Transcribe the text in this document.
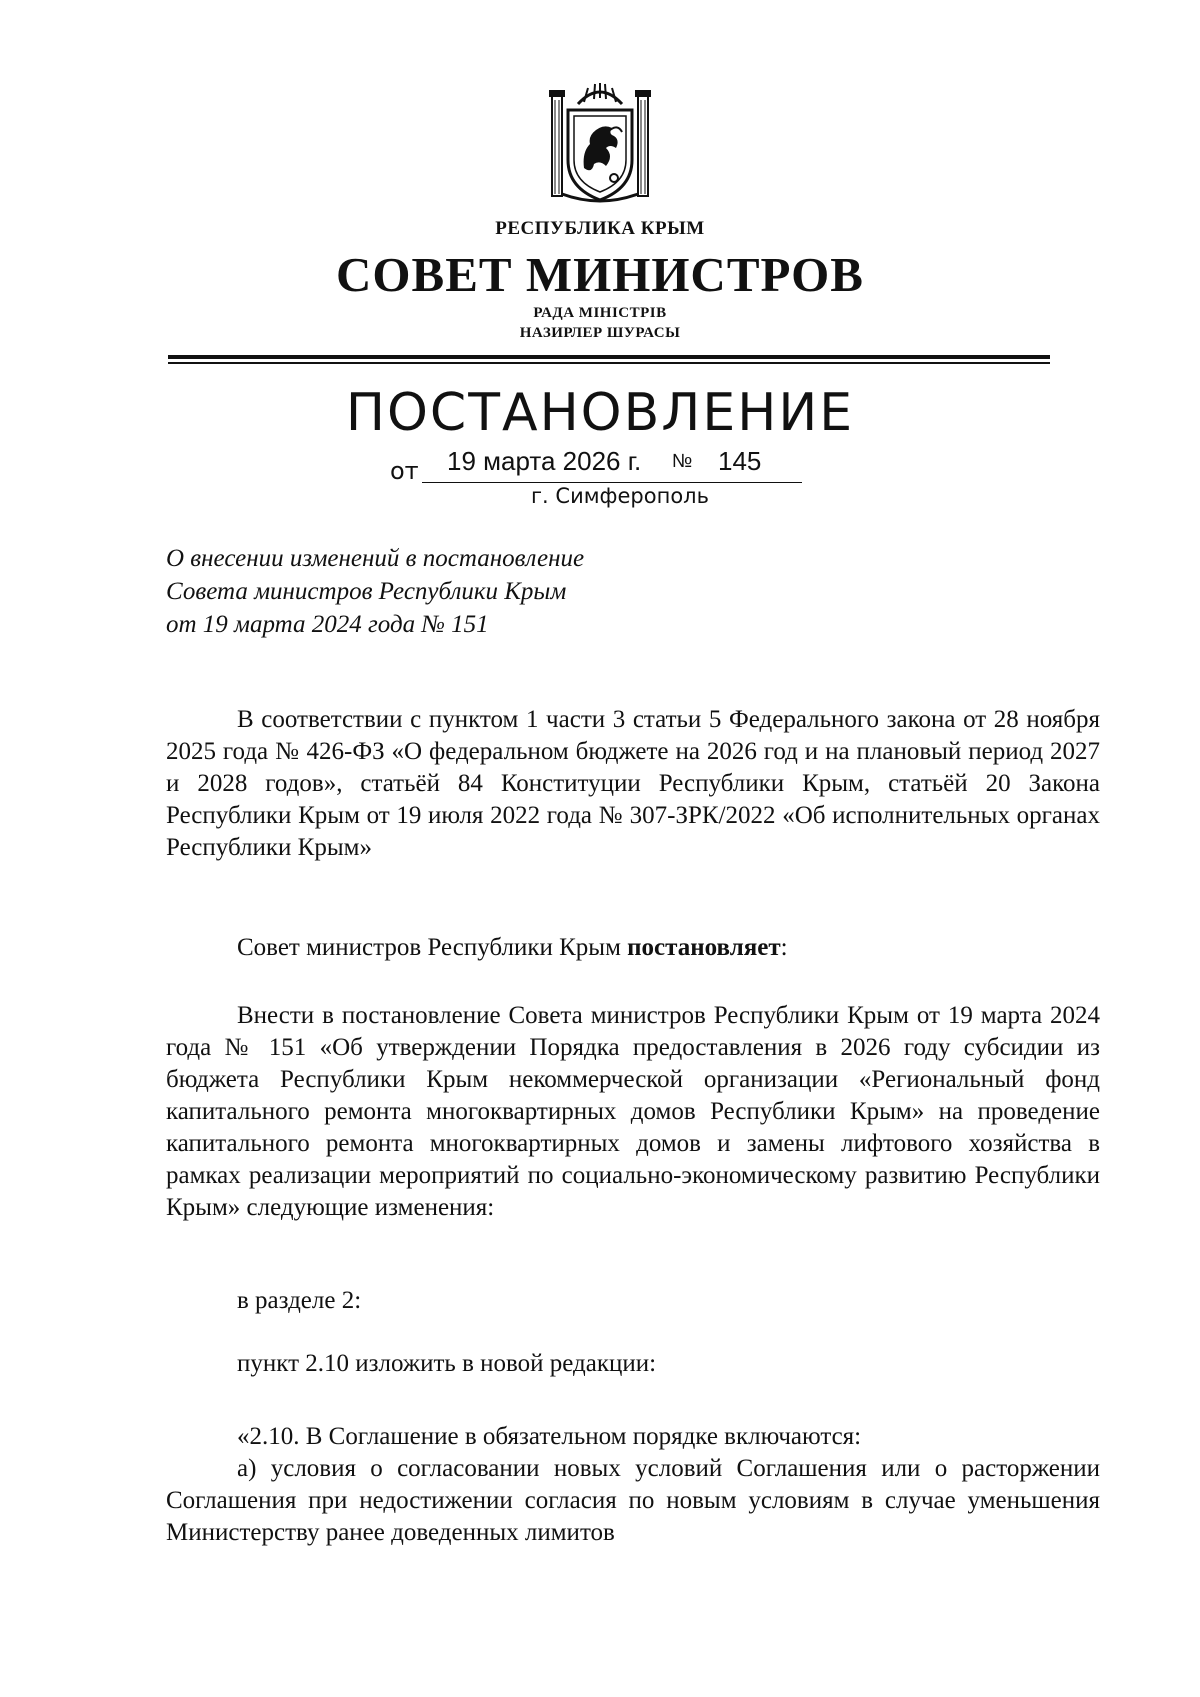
РЕСПУБЛИКА КРЫМ
СОВЕТ МИНИСТРОВ
РАДА МІНІСТРІВ
НАЗИРЛЕР ШУРАСЫ
ПОСТАНОВЛЕНИЕ
от 19 марта 2026 г. № 145
г. Симферополь
О внесении изменений в постановление
Совета министров Республики Крым
от 19 марта 2024 года № 151
В соответствии с пунктом 1 части 3 статьи 5 Федерального закона от 28 ноября 2025 года № 426-ФЗ «О федеральном бюджете на 2026 год и на плановый период 2027 и 2028 годов», статьёй 84 Конституции Республики Крым, статьёй 20 Закона Республики Крым от 19 июля 2022 года № 307-ЗРК/2022 «Об исполнительных органах Республики Крым»
Совет министров Республики Крым постановляет:
Внести в постановление Совета министров Республики Крым от 19 марта 2024 года № 151 «Об утверждении Порядка предоставления в 2026 году субсидии из бюджета Республики Крым некоммерческой организации «Региональный фонд капитального ремонта многоквартирных домов Республики Крым» на проведение капитального ремонта многоквартирных домов и замены лифтового хозяйства в рамках реализации мероприятий по социально-экономическому развитию Республики Крым» следующие изменения:
в разделе 2:
пункт 2.10 изложить в новой редакции:
«2.10. В Соглашение в обязательном порядке включаются:
а) условия о согласовании новых условий Соглашения или о расторжении Соглашения при недостижении согласия по новым условиям в случае уменьшения Министерству ранее доведенных лимитов
